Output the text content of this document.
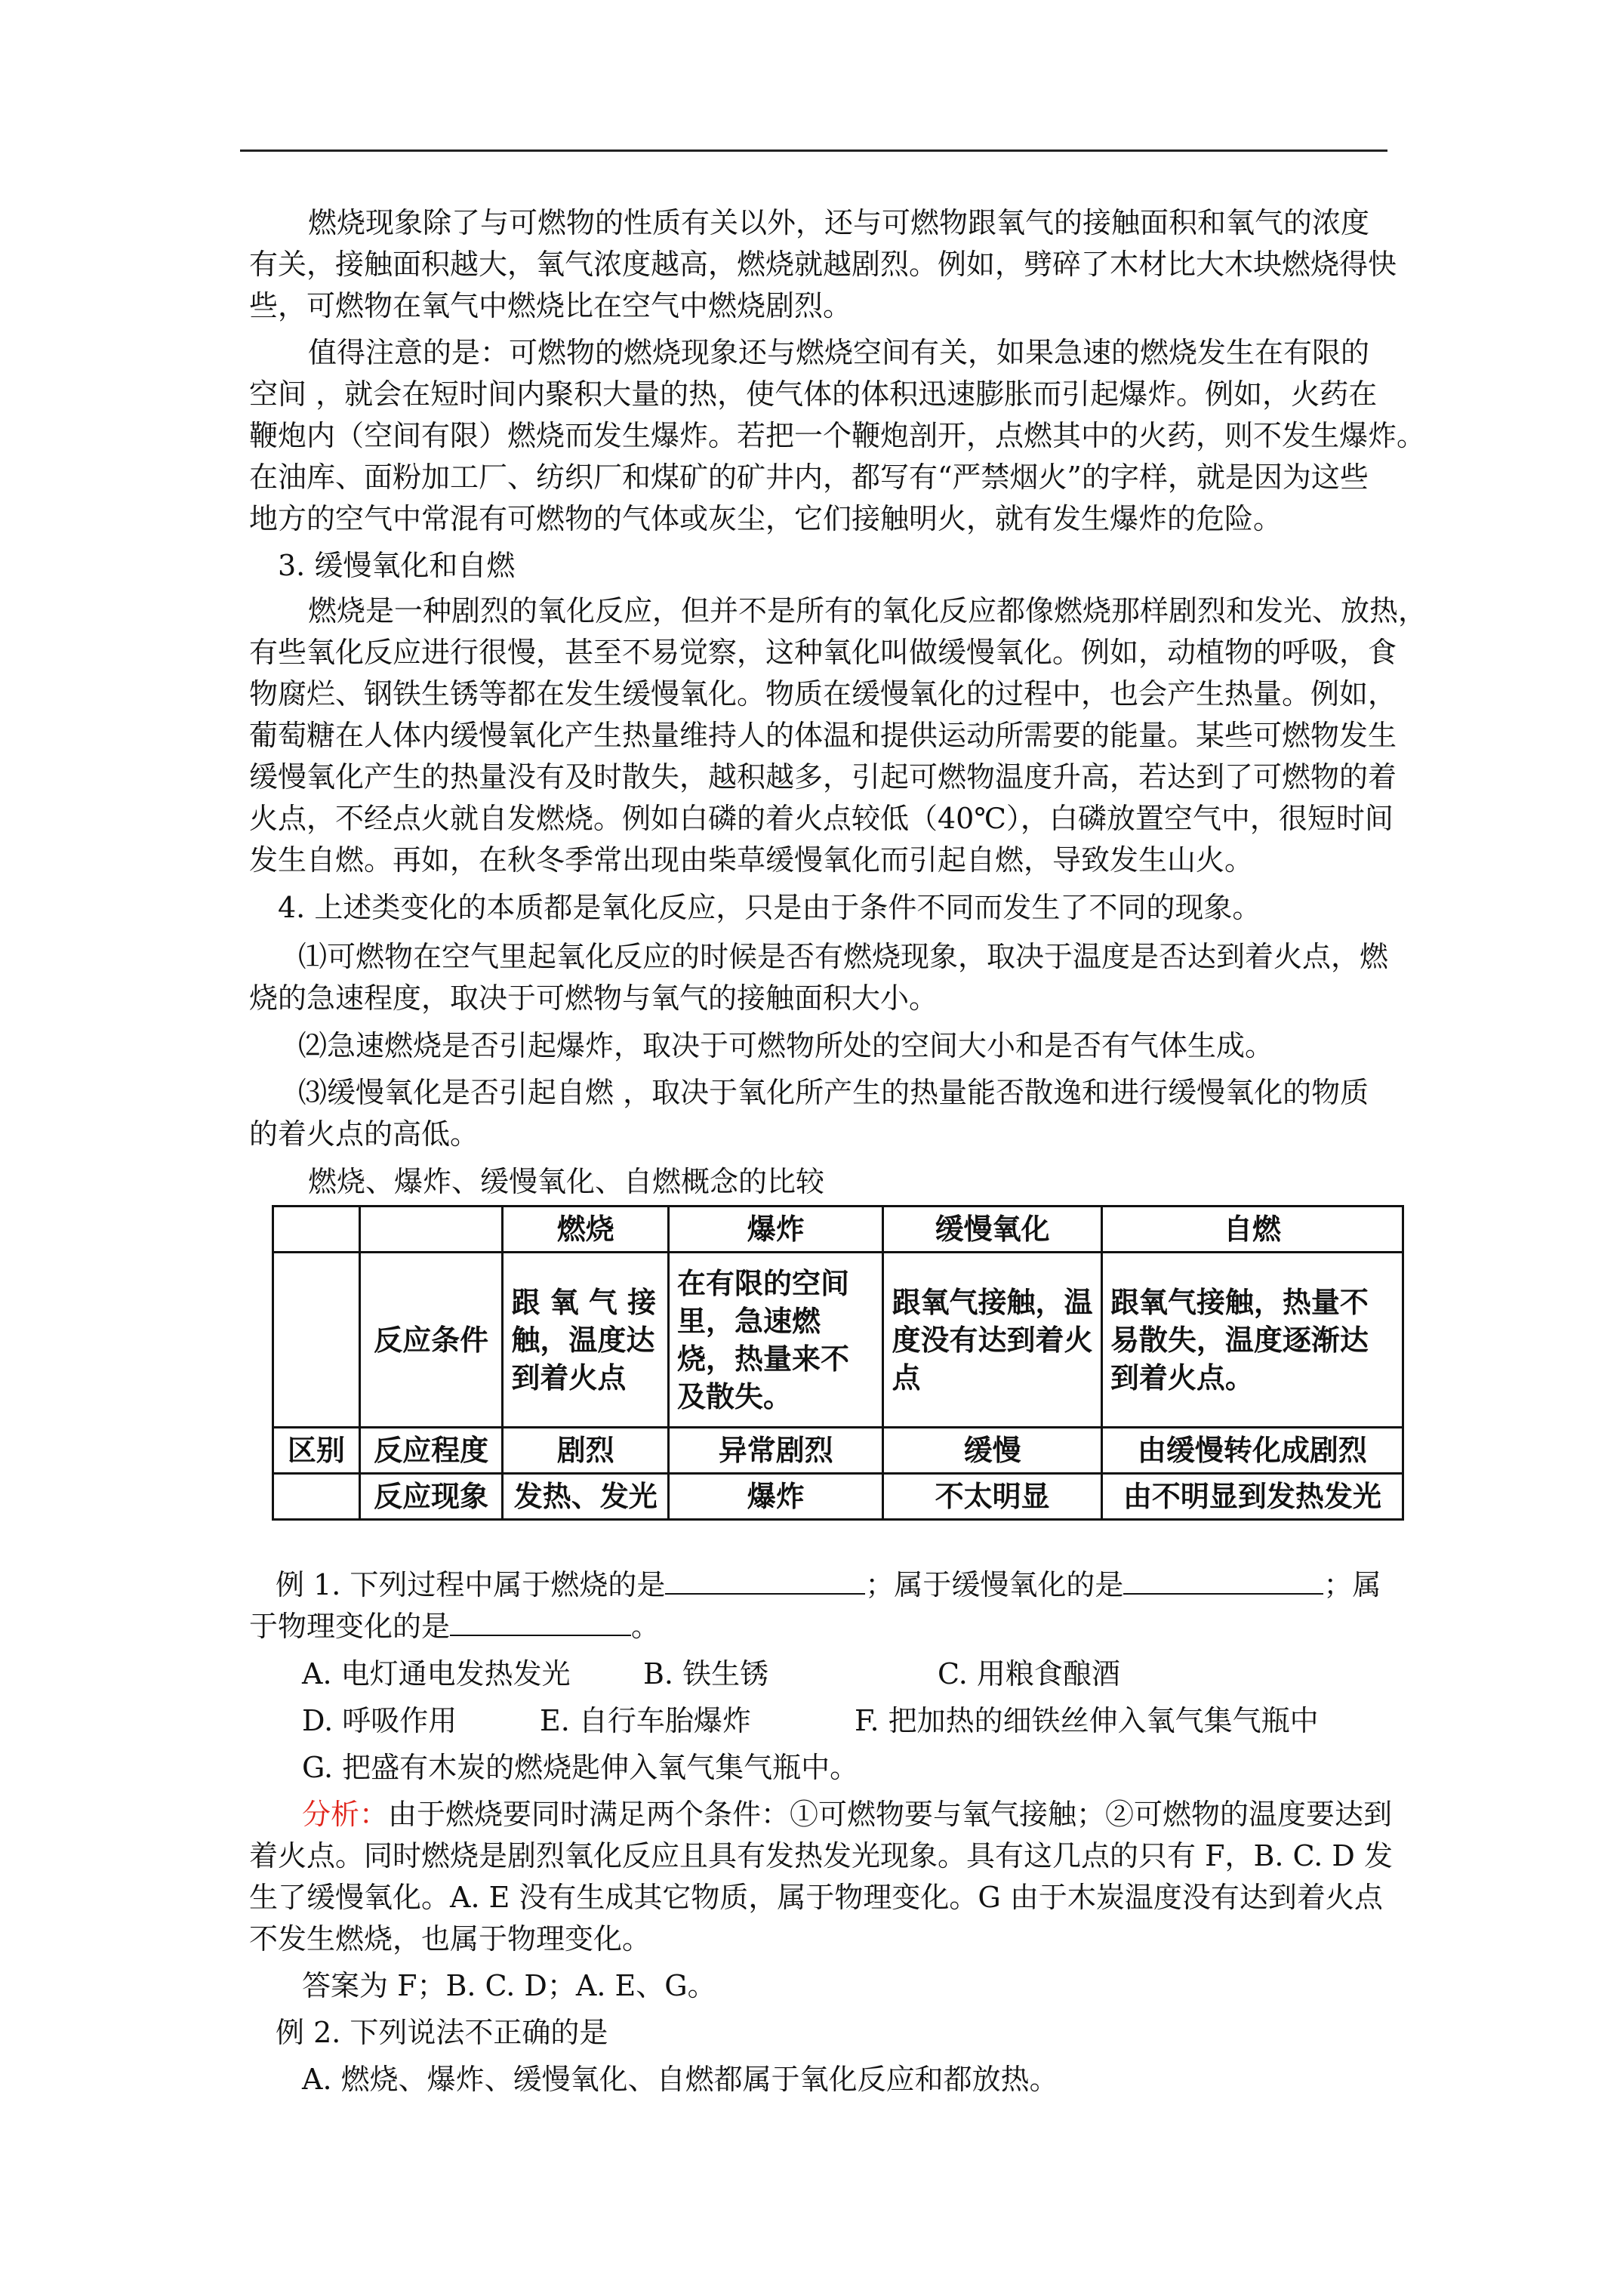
燃烧现象除了与可燃物的性质有关以外，还与可燃物跟氧气的接触面积和氧气的浓度

有关，接触面积越大，氧气浓度越高，燃烧就越剧烈。例如，劈碎了木材比大木块燃烧得快

些，可燃物在氧气中燃烧比在空气中燃烧剧烈。

值得注意的是：可燃物的燃烧现象还与燃烧空间有关，如果急速的燃烧发生在有限的

空间 ，就会在短时间内聚积大量的热，使气体的体积迅速膨胀而引起爆炸。例如，火药在

鞭炮内（空间有限）燃烧而发生爆炸。若把一个鞭炮剖开，点燃其中的火药，则不发生爆炸。

在油库、面粉加工厂、纺织厂和煤矿的矿井内，都写有“严禁烟火”的字样，就是因为这些

地方的空气中常混有可燃物的气体或灰尘，它们接触明火，就有发生爆炸的危险。

3. 缓慢氧化和自燃

燃烧是一种剧烈的氧化反应，但并不是所有的氧化反应都像燃烧那样剧烈和发光、放热，

有些氧化反应进行很慢，甚至不易觉察，这种氧化叫做缓慢氧化。例如，动植物的呼吸，食

物腐烂、钢铁生锈等都在发生缓慢氧化。物质在缓慢氧化的过程中，也会产生热量。例如，

葡萄糖在人体内缓慢氧化产生热量维持人的体温和提供运动所需要的能量。某些可燃物发生

缓慢氧化产生的热量没有及时散失，越积越多，引起可燃物温度升高，若达到了可燃物的着

火点，不经点火就自发燃烧。例如白磷的着火点较低（40℃），白磷放置空气中，很短时间

发生自燃。再如，在秋冬季常出现由柴草缓慢氧化而引起自燃，导致发生山火。

4. 上述类变化的本质都是氧化反应，只是由于条件不同而发生了不同的现象。

⑴可燃物在空气里起氧化反应的时候是否有燃烧现象，取决于温度是否达到着火点，燃

烧的急速程度，取决于可燃物与氧气的接触面积大小。

⑵急速燃烧是否引起爆炸，取决于可燃物所处的空间大小和是否有气体生成。

⑶缓慢氧化是否引起自燃 ，取决于氧化所产生的热量能否散逸和进行缓慢氧化的物质

的着火点的高低。

燃烧、爆炸、缓慢氧化、自燃概念的比较

		燃烧	爆炸	缓慢氧化	自燃
	反应条件	跟 氧 气 接触，温度达到着火点	在有限的空间里，急速燃烧，热量来不及散失。	跟氧气接触，温度没有达到着火点	跟氧气接触，热量不易散失，温度逐渐达到着火点。
区别	反应程度	剧烈	异常剧烈	缓慢	由缓慢转化成剧烈
	反应现象	发热、发光	爆炸	不太明显	由不明显到发热发光

例 1. 下列过程中属于燃烧的是	；属于缓慢氧化的是	；属

于物理变化的是	。

A. 电灯通电发热发光	B. 铁生锈	C. 用粮食酿酒

D. 呼吸作用	E. 自行车胎爆炸	F. 把加热的细铁丝伸入氧气集气瓶中

G. 把盛有木炭的燃烧匙伸入氧气集气瓶中。

分析：由于燃烧要同时满足两个条件：①可燃物要与氧气接触；②可燃物的温度要达到

着火点。同时燃烧是剧烈氧化反应且具有发热发光现象。具有这几点的只有 F，B. C. D 发

生了缓慢氧化。A. E 没有生成其它物质，属于物理变化。G 由于木炭温度没有达到着火点

不发生燃烧，也属于物理变化。

答案为 F；B. C. D；A. E、G。

例 2. 下列说法不正确的是

A. 燃烧、爆炸、缓慢氧化、自燃都属于氧化反应和都放热。
